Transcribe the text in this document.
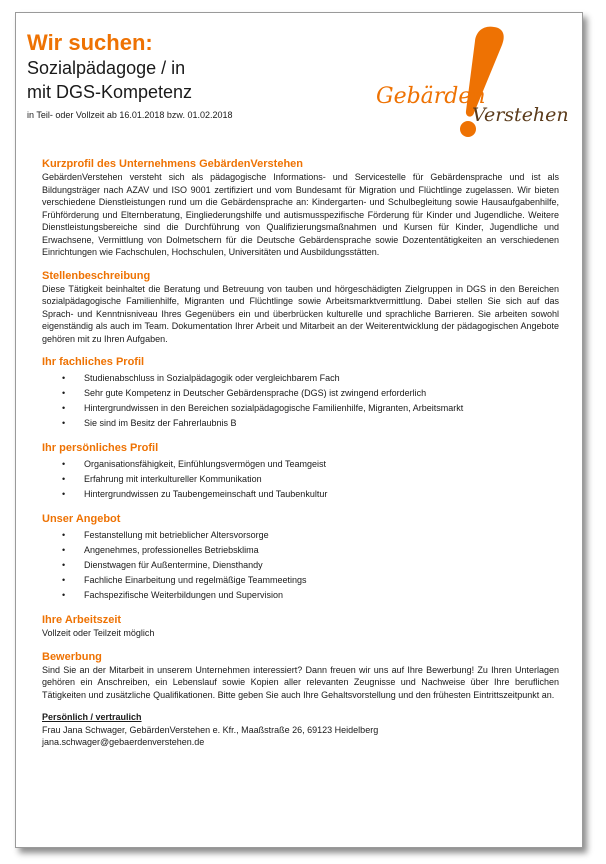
Wir suchen:
Sozialpädagoge / in
mit DGS-Kompetenz
in Teil- oder Vollzeit ab 16.01.2018 bzw. 01.02.2018
Gebärden
Verstehen
Kurzprofil des Unternehmens GebärdenVerstehen

GebärdenVerstehen versteht sich als pädagogische Informations- und Servicestelle für Gebärdensprache und ist als Bildungsträger nach AZAV und ISO 9001 zertifiziert und vom Bundesamt für Migration und Flüchtlinge zugelassen. Wir bieten verschiedene Dienstleistungen rund um die Gebärdensprache an: Kindergarten- und Schulbegleitung sowie Hausaufgabenhilfe, Frühförderung und Elternberatung, Eingliederungshilfe und autismusspezifische Förderung für Kinder und Jugendliche. Weitere Dienstleistungsbereiche sind die Durchführung von Qualifizierungsmaßnahmen und Kursen für Kinder, Jugendliche und Erwachsene, Vermittlung von Dolmetschern für die Deutsche Gebärdensprache sowie Dozententätigkeiten an verschiedenen Einrichtungen wie Fachschulen, Hochschulen, Universitäten und Ausbildungsstätten.

Stellenbeschreibung

Diese Tätigkeit beinhaltet die Beratung und Betreuung von tauben und hörgeschädigten Zielgruppen in DGS in den Bereichen sozialpädagogische Familienhilfe, Migranten und Flüchtlinge sowie Arbeitsmarktvermittlung. Dabei stellen Sie sich auf das Sprach- und Kenntnisniveau Ihres Gegenübers ein und überbrücken kulturelle und sprachliche Barrieren. Sie arbeiten sowohl eigenständig als auch im Team. Dokumentation Ihrer Arbeit und Mitarbeit an der Weiterentwicklung der pädagogischen Angebote gehören mit zu Ihren Aufgaben.

Ihr fachliches Profil
• Studienabschluss in Sozialpädagogik oder vergleichbarem Fach
• Sehr gute Kompetenz in Deutscher Gebärdensprache (DGS) ist zwingend erforderlich
• Hintergrundwissen in den Bereichen sozialpädagogische Familienhilfe, Migranten, Arbeitsmarkt
• Sie sind im Besitz der Fahrerlaubnis B
Ihr persönliches Profil
• Organisationsfähigkeit, Einfühlungsvermögen und Teamgeist
• Erfahrung mit interkultureller Kommunikation
• Hintergrundwissen zu Taubengemeinschaft und Taubenkultur
Unser Angebot
• Festanstellung mit betrieblicher Altersvorsorge
• Angenehmes, professionelles Betriebsklima
• Dienstwagen für Außentermine, Diensthandy
• Fachliche Einarbeitung und regelmäßige Teammeetings
• Fachspezifische Weiterbildungen und Supervision
Ihre Arbeitszeit

Vollzeit oder Teilzeit möglich

Bewerbung

Sind Sie an der Mitarbeit in unserem Unternehmen interessiert? Dann freuen wir uns auf Ihre Bewerbung! Zu Ihren Unterlagen gehören ein Anschreiben, ein Lebenslauf sowie Kopien aller relevanten Zeugnisse und Nachweise über Ihre beruflichen Tätigkeiten und zusätzliche Qualifikationen. Bitte geben Sie auch Ihre Gehaltsvorstellung und den frühesten Eintrittszeitpunkt an.

Persönlich / vertraulich

Frau Jana Schwager, GebärdenVerstehen e. Kfr., Maaßstraße 26, 69123 Heidelberg

jana.schwager@gebaerdenverstehen.de
